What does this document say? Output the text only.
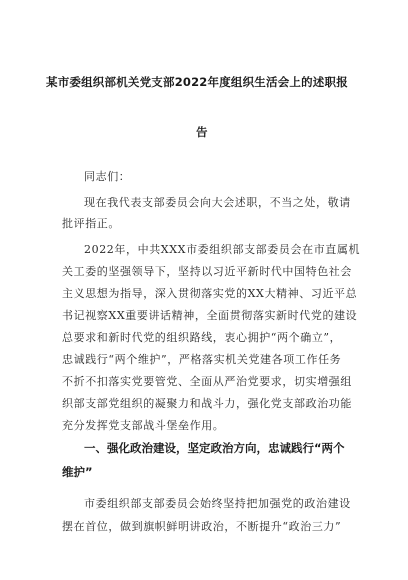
某市委组织部机关党支部2022年度组织生活会上的述职报
告
同志们：
现在我代表支部委员会向大会述职，不当之处，敬请
批评指正。
2022年，中共XXX市委组织部支部委员会在市直属机
关工委的坚强领导下，坚持以习近平新时代中国特色社会
主义思想为指导，深入贯彻落实党的XX大精神、习近平总
书记视察XX重要讲话精神，全面贯彻落实新时代党的建设
总要求和新时代党的组织路线，衷心拥护“两个确立”，
忠诚践行“两个维护”，严格落实机关党建各项工作任务
不折不扣落实党要管党、全面从严治党要求，切实增强组
织部支部党组织的凝聚力和战斗力，强化党支部政治功能
充分发挥党支部战斗堡垒作用。
一、强化政治建设，坚定政治方向，忠诚践行“两个
维护”
市委组织部支部委员会始终坚持把加强党的政治建设
摆在首位，做到旗帜鲜明讲政治，不断提升“政治三力”
